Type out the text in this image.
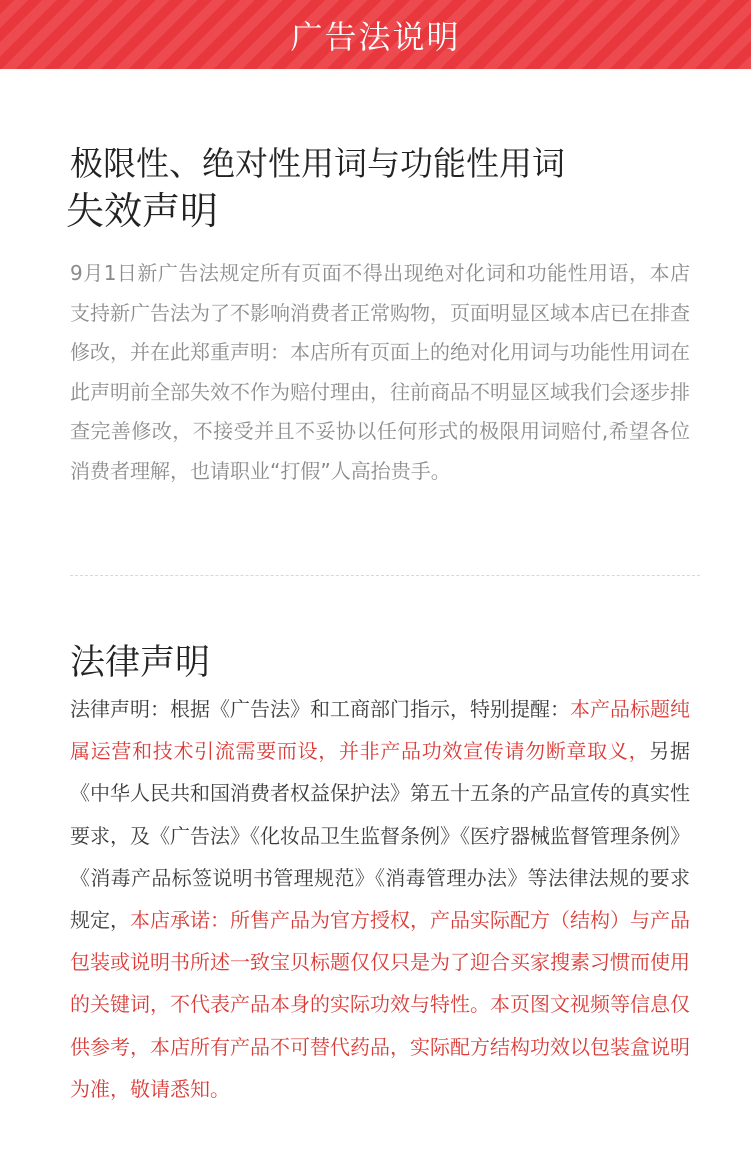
广告法说明
极限性、绝对性用词与功能性用词
失效声明
9月1日新广告法规定所有页面不得出现绝对化词和功能性用语，本店支持新广告法为了不影响消费者正常购物，页面明显区域本店已在排查修改，并在此郑重声明：本店所有页面上的绝对化用词与功能性用词在此声明前全部失效不作为赔付理由，往前商品不明显区域我们会逐步排查完善修改，不接受并且不妥协以任何形式的极限用词赔付,希望各位消费者理解，也请职业“打假”人高抬贵手。
法律声明
法律声明：根据《广告法》和工商部门指示，特别提醒：本产品标题纯属运营和技术引流需要而设，并非产品功效宣传请勿断章取义，另据《中华人民共和国消费者权益保护法》第五十五条的产品宣传的真实性要求，及《广告法》《化妆品卫生监督条例》《医疗器械监督管理条例》《消毒产品标签说明书管理规范》《消毒管理办法》等法律法规的要求规定，本店承诺：所售产品为官方授权，产品实际配方（结构）与产品包装或说明书所述一致宝贝标题仅仅只是为了迎合买家搜素习惯而使用的关键词，不代表产品本身的实际功效与特性。本页图文视频等信息仅供参考，本店所有产品不可替代药品，实际配方结构功效以包装盒说明为准，敬请悉知。
